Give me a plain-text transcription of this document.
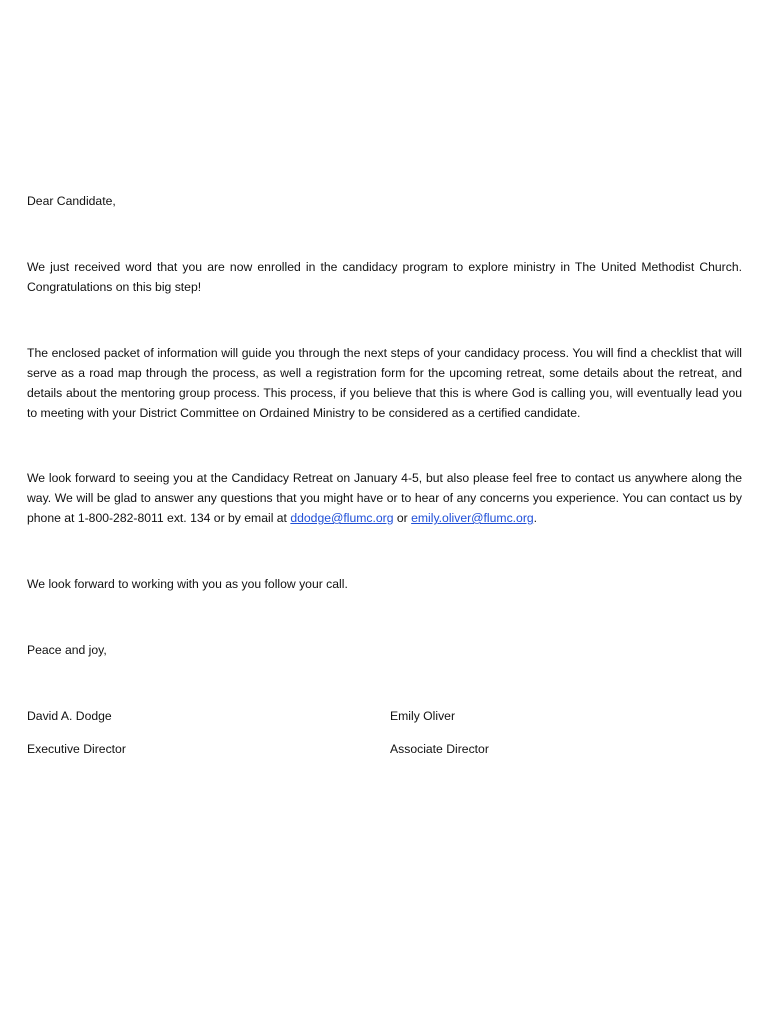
Dear Candidate,

We just received word that you are now enrolled in the candidacy program to explore ministry in The United Methodist Church. Congratulations on this big step!

The enclosed packet of information will guide you through the next steps of your candidacy process. You will find a checklist that will serve as a road map through the process, as well a registration form for the upcoming retreat, some details about the retreat, and details about the mentoring group process. This process, if you believe that this is where God is calling you, will eventually lead you to meeting with your District Committee on Ordained Ministry to be considered as a certified candidate.

We look forward to seeing you at the Candidacy Retreat on January 4-5, but also please feel free to contact us anywhere along the way. We will be glad to answer any questions that you might have or to hear of any concerns you experience. You can contact us by phone at 1-800-282-8011 ext. 134 or by email at ddodge@flumc.org or emily.oliver@flumc.org.

We look forward to working with you as you follow your call.

Peace and joy,

David A. Dodge
Executive Director
Emily Oliver
Associate Director
